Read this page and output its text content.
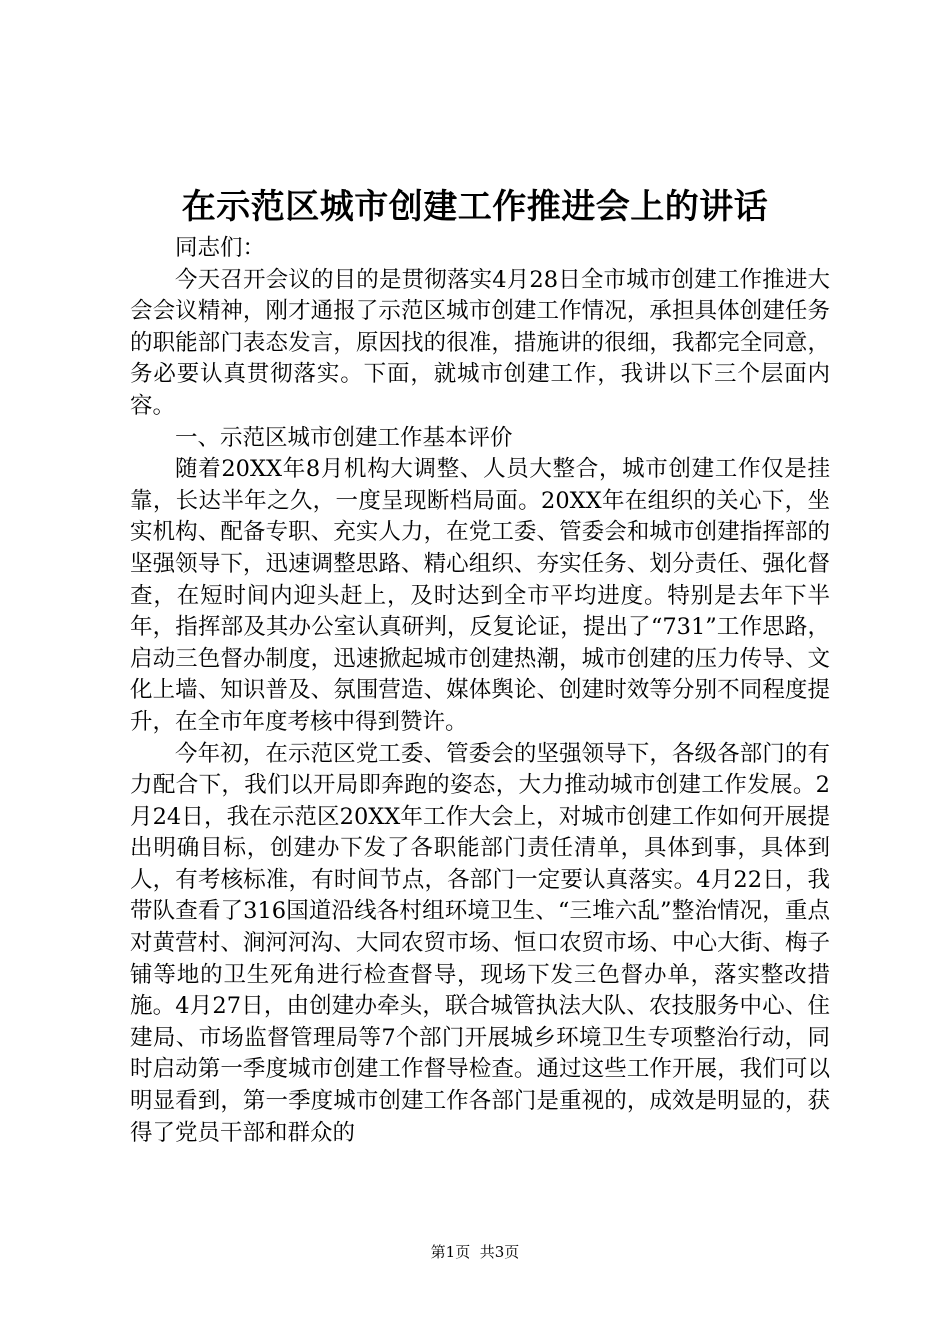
在示范区城市创建工作推进会上的讲话

同志们：

今天召开会议的目的是贯彻落实4月28日全市城市创建工作推进大会会议精神，刚才通报了示范区城市创建工作情况，承担具体创建任务的职能部门表态发言，原因找的很准，措施讲的很细，我都完全同意，务必要认真贯彻落实。下面，就城市创建工作，我讲以下三个层面内容。

一、示范区城市创建工作基本评价

随着20XX年8月机构大调整、人员大整合，城市创建工作仅是挂靠，长达半年之久，一度呈现断档局面。20XX年在组织的关心下，坐实机构、配备专职、充实人力，在党工委、管委会和城市创建指挥部的坚强领导下，迅速调整思路、精心组织、夯实任务、划分责任、强化督查，在短时间内迎头赶上，及时达到全市平均进度。特别是去年下半年，指挥部及其办公室认真研判，反复论证，提出了“731”工作思路，启动三色督办制度，迅速掀起城市创建热潮，城市创建的压力传导、文化上墙、知识普及、氛围营造、媒体舆论、创建时效等分别不同程度提升，在全市年度考核中得到赞许。

今年初，在示范区党工委、管委会的坚强领导下，各级各部门的有力配合下，我们以开局即奔跑的姿态，大力推动城市创建工作发展。2月24日，我在示范区20XX年工作大会上，对城市创建工作如何开展提出明确目标，创建办下发了各职能部门责任清单，具体到事，具体到人，有考核标准，有时间节点，各部门一定要认真落实。4月22日，我带队查看了316国道沿线各村组环境卫生、“三堆六乱”整治情况，重点对黄营村、涧河河沟、大同农贸市场、恒口农贸市场、中心大街、梅子铺等地的卫生死角进行检查督导，现场下发三色督办单，落实整改措施。4月27日，由创建办牵头，联合城管执法大队、农技服务中心、住建局、市场监督管理局等7个部门开展城乡环境卫生专项整治行动，同时启动第一季度城市创建工作督导检查。通过这些工作开展，我们可以明显看到，第一季度城市创建工作各部门是重视的，成效是明显的，获得了党员干部和群众的

第1页 共3页
